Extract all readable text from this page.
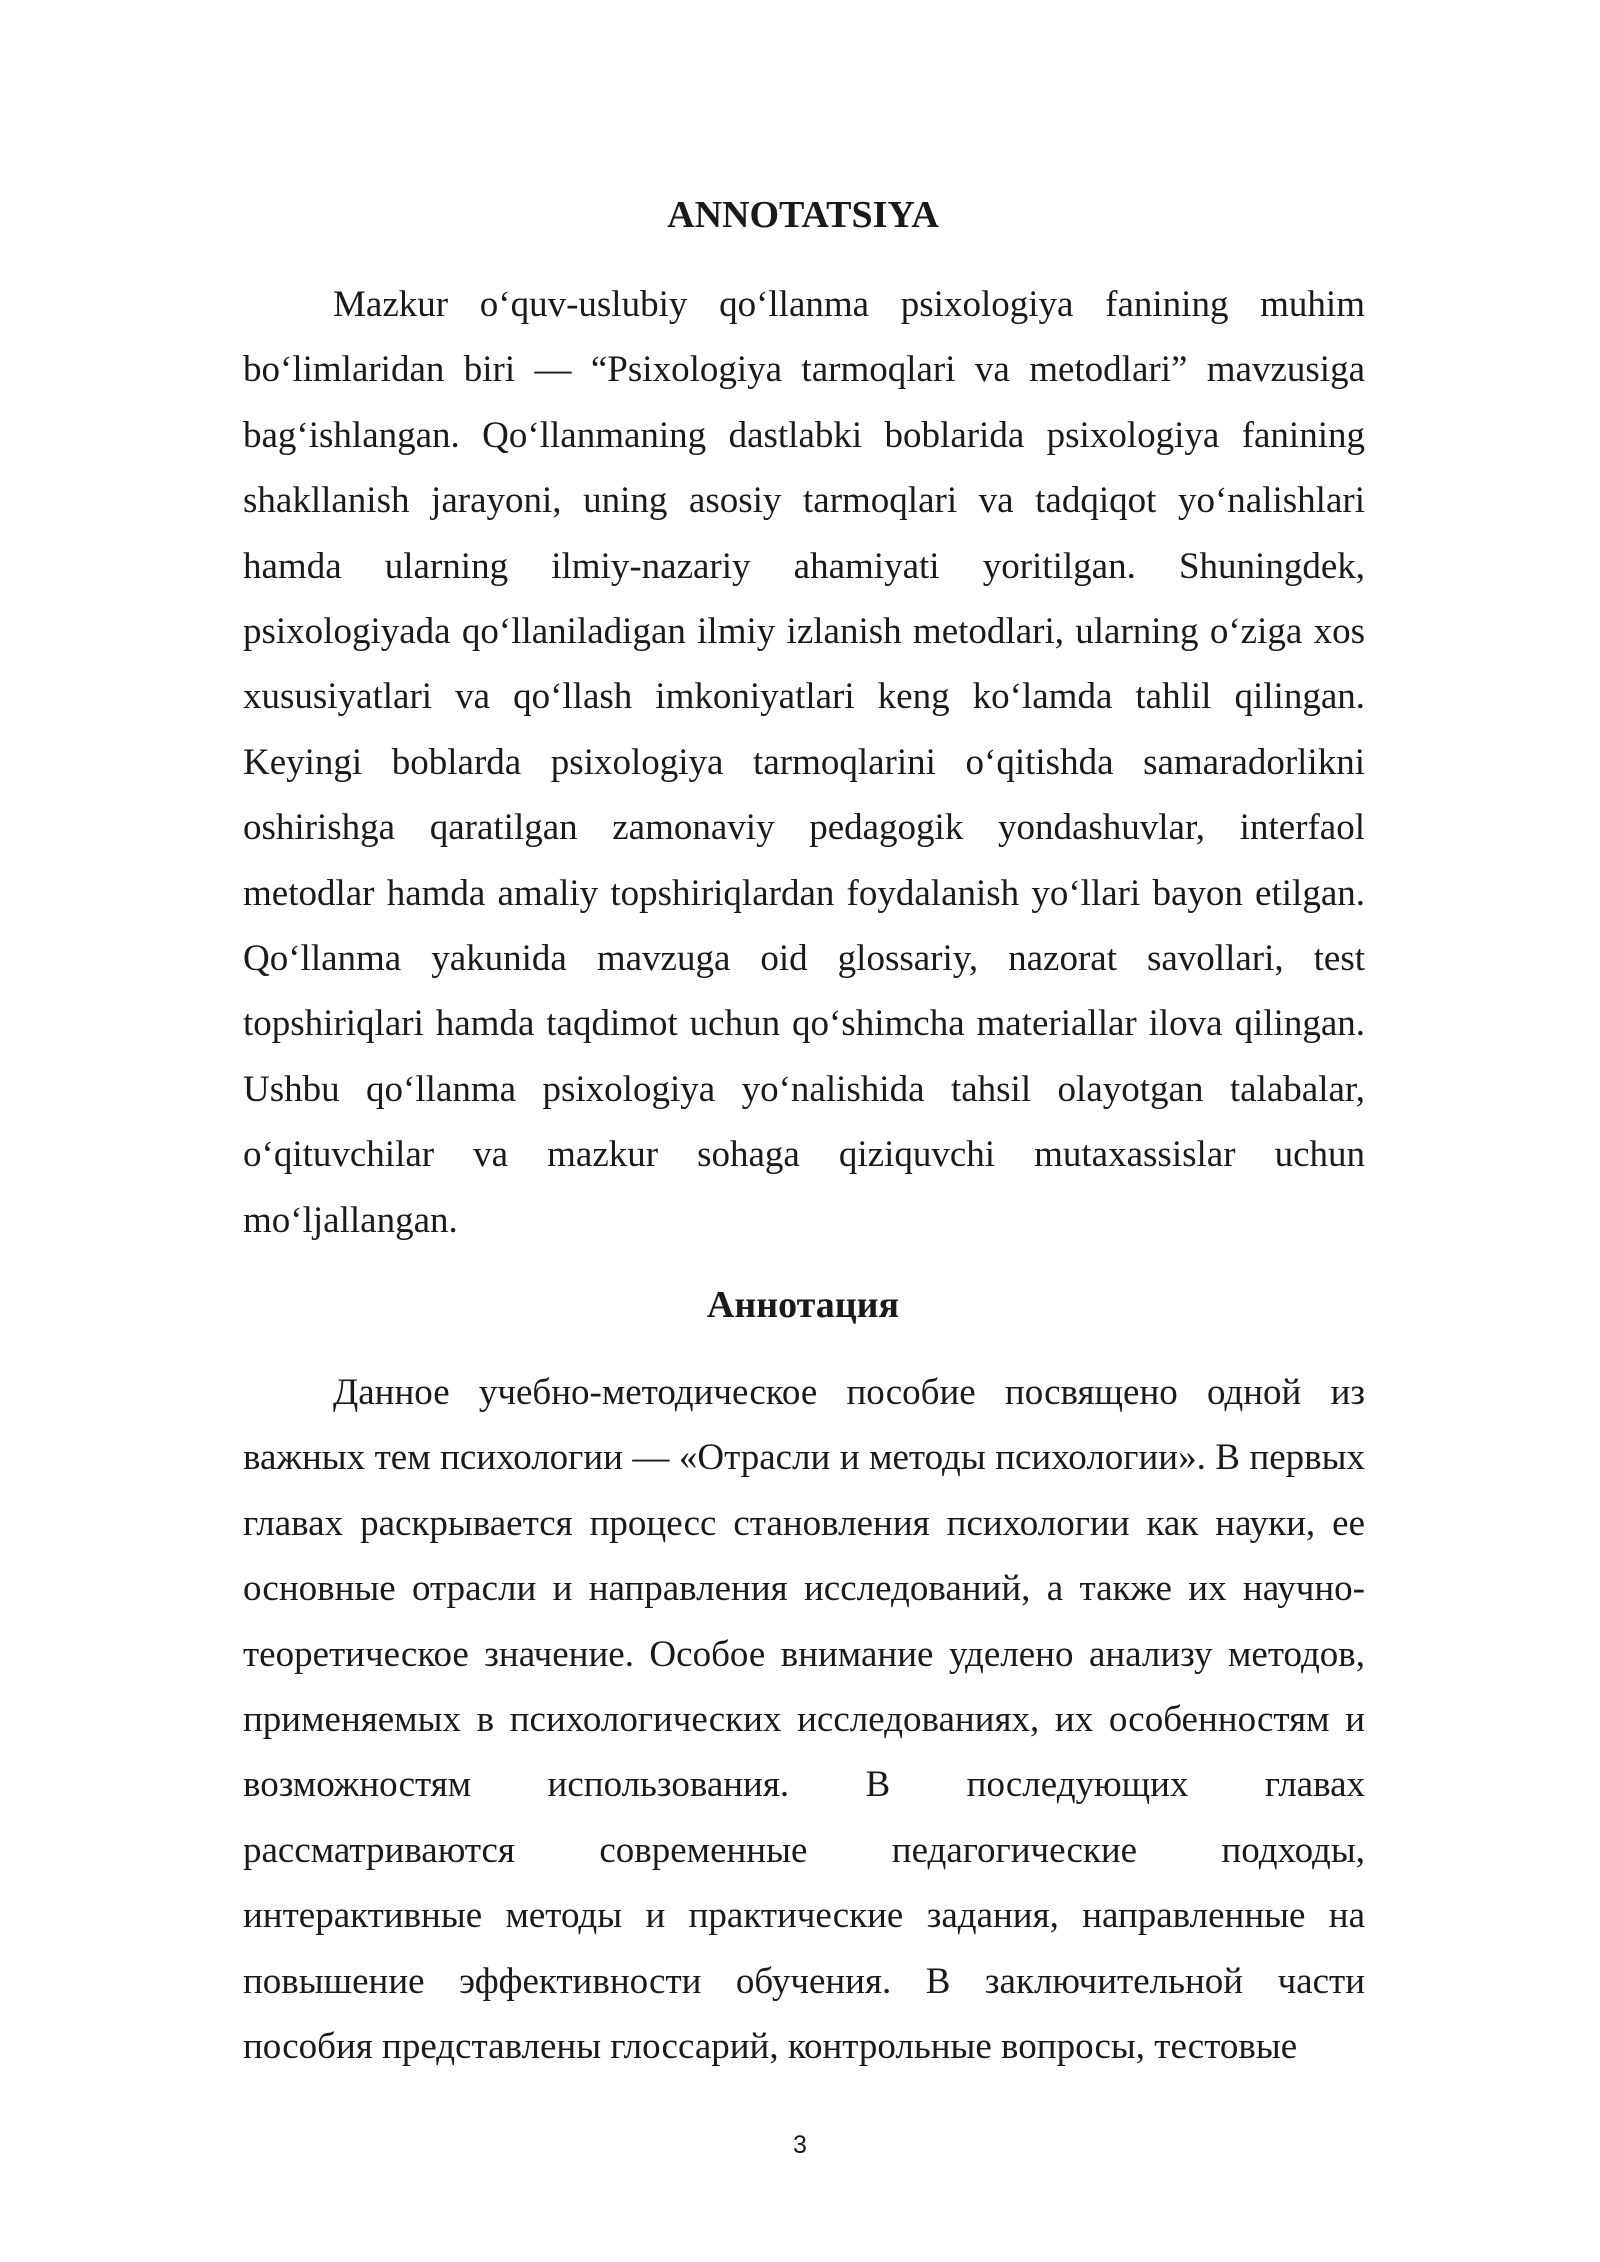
ANNOTATSIYA

Mazkur o‘quv-uslubiy qo‘llanma psixologiya fanining muhim bo‘limlaridan biri — “Psixologiya tarmoqlari va metodlari” mavzusiga bag‘ishlangan. Qo‘llanmaning dastlabki boblarida psixologiya fanining shakllanish jarayoni, uning asosiy tarmoqlari va tadqiqot yo‘nalishlari hamda ularning ilmiy-nazariy ahamiyati yoritilgan. Shuningdek, psixologiyada qo‘llaniladigan ilmiy izlanish metodlari, ularning o‘ziga xos xususiyatlari va qo‘llash imkoniyatlari keng ko‘lamda tahlil qilingan. Keyingi boblarda psixologiya tarmoqlarini o‘qitishda samaradorlikni oshirishga qaratilgan zamonaviy pedagogik yondashuvlar, interfaol metodlar hamda amaliy topshiriqlardan foydalanish yo‘llari bayon etilgan. Qo‘llanma yakunida mavzuga oid glossariy, nazorat savollari, test topshiriqlari hamda taqdimot uchun qo‘shimcha materiallar ilova qilingan. Ushbu qo‘llanma psixologiya yo‘nalishida tahsil olayotgan talabalar, o‘qituvchilar va mazkur sohaga qiziquvchi mutaxassislar uchun mo‘ljallangan.

Аннотация

Данное учебно-методическое пособие посвящено одной из важных тем психологии — «Отрасли и методы психологии». В первых главах раскрывается процесс становления психологии как науки, ее основные отрасли и направления исследований, а также их научно-теоретическое значение. Особое внимание уделено анализу методов, применяемых в психологических исследованиях, их особенностям и возможностям использования. В последующих главах рассматриваются современные педагогические подходы, интерактивные методы и практические задания, направленные на повышение эффективности обучения. В заключительной части пособия представлены глоссарий, контрольные вопросы, тестовые

3
